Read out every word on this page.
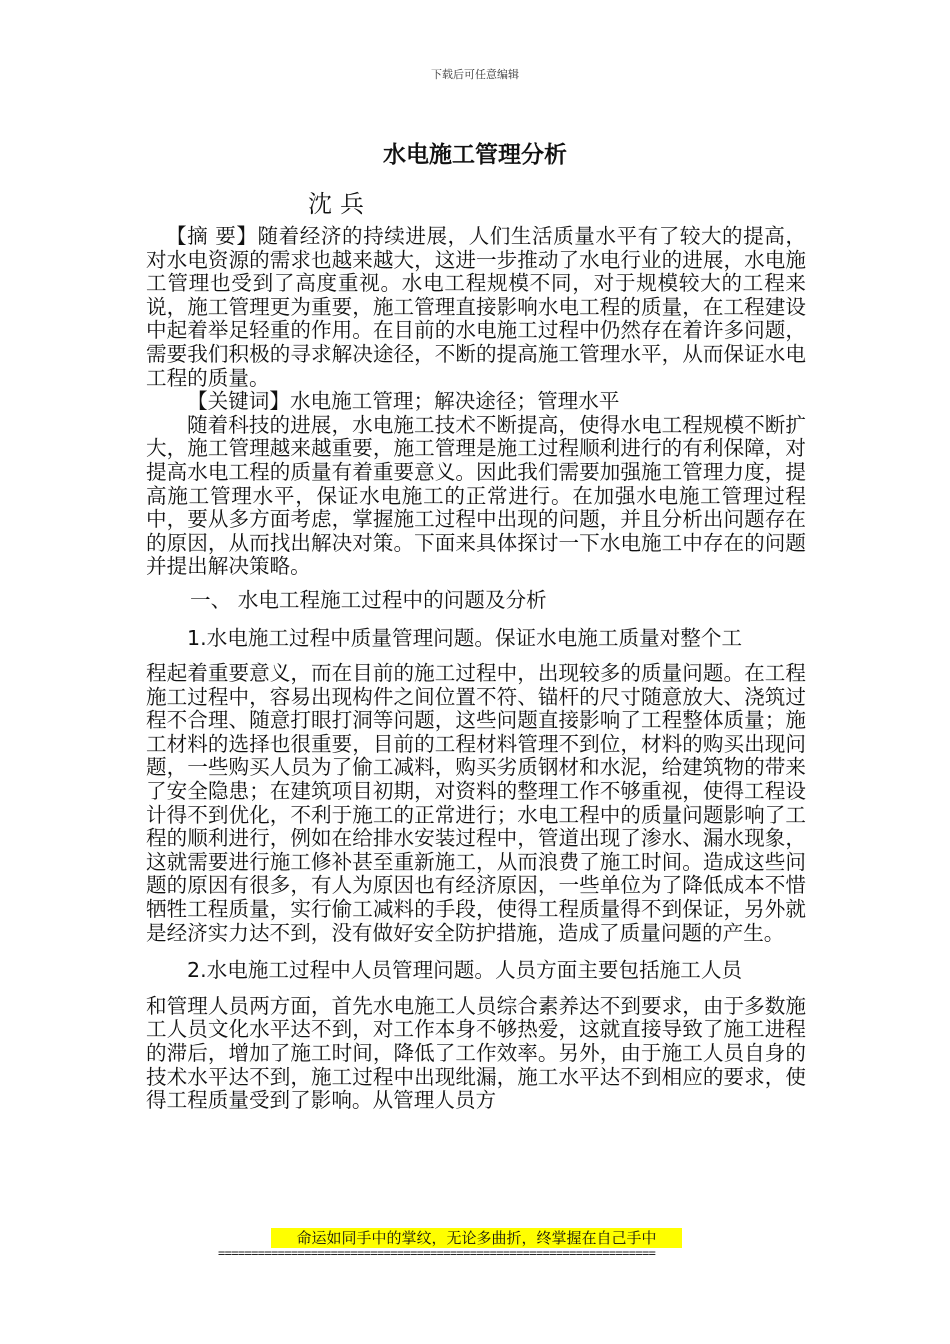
下载后可任意编辑
水电施工管理分析
沈兵

【摘 要】随着经济的持续进展，人们生活质量水平有了较大的提高，对水电资源的需求也越来越大，这进一步推动了水电行业的进展，水电施工管理也受到了高度重视。水电工程规模不同，对于规模较大的工程来说，施工管理更为重要，施工管理直接影响水电工程的质量，在工程建设中起着举足轻重的作用。在目前的水电施工过程中仍然存在着许多问题，需要我们积极的寻求解决途径，不断的提高施工管理水平，从而保证水电工程的质量。

【关键词】水电施工管理；解决途径；管理水平

随着科技的进展，水电施工技术不断提高，使得水电工程规模不断扩大，施工管理越来越重要，施工管理是施工过程顺利进行的有利保障，对提高水电工程的质量有着重要意义。因此我们需要加强施工管理力度，提高施工管理水平，保证水电施工的正常进行。在加强水电施工管理过程中，要从多方面考虑，掌握施工过程中出现的问题，并且分析出问题存在的原因，从而找出解决对策。下面来具体探讨一下水电施工中存在的问题并提出解决策略。

一、 水电工程施工过程中的问题及分析

1.水电施工过程中质量管理问题。保证水电施工质量对整个工

程起着重要意义，而在目前的施工过程中，出现较多的质量问题。在工程施工过程中，容易出现构件之间位置不符、锚杆的尺寸随意放大、浇筑过程不合理、随意打眼打洞等问题，这些问题直接影响了工程整体质量；施工材料的选择也很重要，目前的工程材料管理不到位，材料的购买出现问题，一些购买人员为了偷工减料，购买劣质钢材和水泥，给建筑物的带来了安全隐患；在建筑项目初期，对资料的整理工作不够重视，使得工程设计得不到优化，不利于施工的正常进行；水电工程中的质量问题影响了工程的顺利进行，例如在给排水安装过程中，管道出现了渗水、漏水现象，这就需要进行施工修补甚至重新施工，从而浪费了施工时间。造成这些问题的原因有很多，有人为原因也有经济原因，一些单位为了降低成本不惜牺牲工程质量，实行偷工减料的手段，使得工程质量得不到保证，另外就是经济实力达不到，没有做好安全防护措施，造成了质量问题的产生。

2.水电施工过程中人员管理问题。人员方面主要包括施工人员

和管理人员两方面，首先水电施工人员综合素养达不到要求，由于多数施工人员文化水平达不到，对工作本身不够热爱，这就直接导致了施工进程的滞后，增加了施工时间，降低了工作效率。另外，由于施工人员自身的技术水平达不到，施工过程中出现纰漏，施工水平达不到相应的要求，使得工程质量受到了影响。从管理人员方

命运如同手中的掌纹，无论多曲折，终掌握在自己手中
==================================================================
